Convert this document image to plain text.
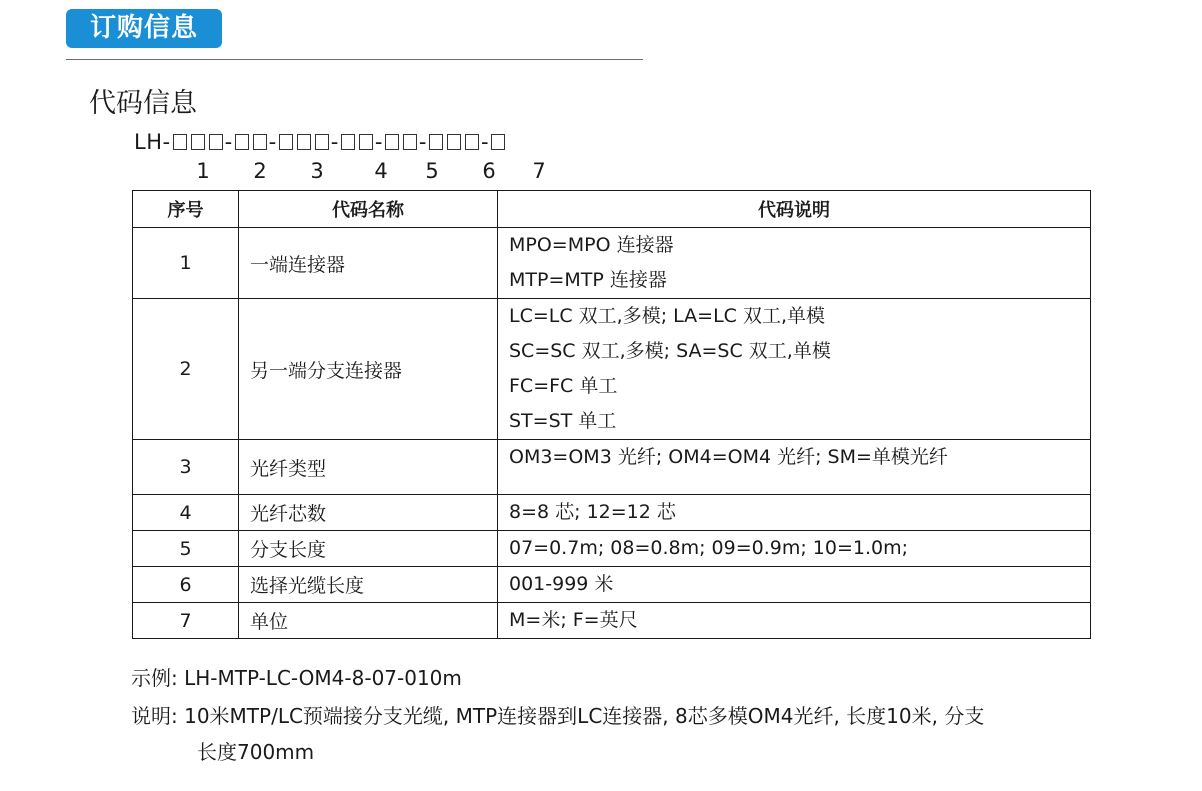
订购信息
代码信息
LH-	- -	- - -	-
1 2 3 4 5 6 7
序号	代码名称	代码说明
1	一端连接器	MPO=MPO 连接器
MTP=MTP 连接器

2	另一端分支连接器	LC=LC 双工,多模; LA=LC 双工,单模
SC=SC 双工,多模; SA=SC 双工,单模
FC=FC 单工
ST=ST 单工

3	光纤类型	OM3=OM3 光纤; OM4=OM4 光纤; SM=单模光纤

4	光纤芯数	8=8 芯; 12=12 芯

5	分支长度	07=0.7m; 08=0.8m; 09=0.9m; 10=1.0m;

6	选择光缆长度	001-999 米

7	单位	M=米; F=英尺
示例: LH-MTP-LC-OM4-8-07-010m
说明: 10米MTP/LC预端接分支光缆, MTP连接器到LC连接器, 8芯多模OM4光纤, 长度10米, 分支
长度700mm
